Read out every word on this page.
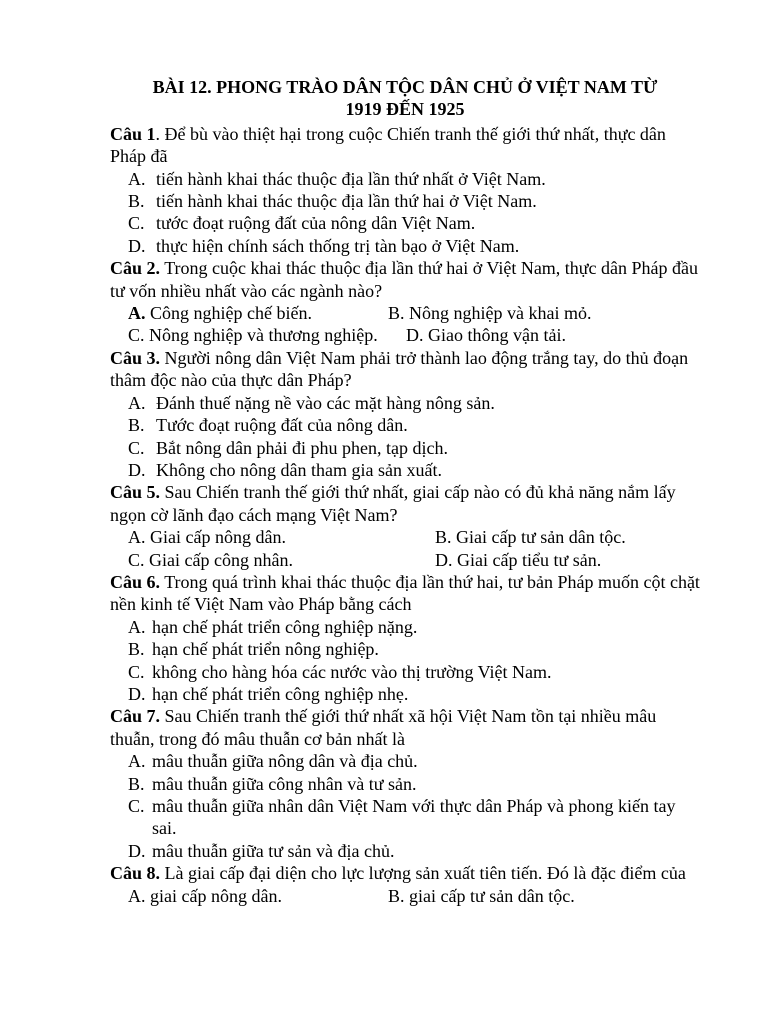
BÀI 12. PHONG TRÀO DÂN TỘC DÂN CHỦ Ở VIỆT NAM TỪ
1919 ĐẾN 1925
Câu 1. Để bù vào thiệt hại trong cuộc Chiến tranh thế giới thứ nhất, thực dân Pháp đã
A. tiến hành khai thác thuộc địa lần thứ nhất ở Việt Nam.
B. tiến hành khai thác thuộc địa lần thứ hai ở Việt Nam.
C. tước đoạt ruộng đất của nông dân Việt Nam.
D. thực hiện chính sách thống trị tàn bạo ở Việt Nam.
Câu 2. Trong cuộc khai thác thuộc địa lần thứ hai ở Việt Nam, thực dân Pháp đầu tư vốn nhiều nhất vào các ngành nào?
A. Công nghiệp chế biến.	B. Nông nghiệp và khai mỏ.
C. Nông nghiệp và thương nghiệp.	D. Giao thông vận tải.
Câu 3. Người nông dân Việt Nam phải trở thành lao động trắng tay, do thủ đoạn thâm độc nào của thực dân Pháp?
A. Đánh thuế nặng nề vào các mặt hàng nông sản.
B. Tước đoạt ruộng đất của nông dân.
C. Bắt nông dân phải đi phu phen, tạp dịch.
D. Không cho nông dân tham gia sản xuất.
Câu 5. Sau Chiến tranh thế giới thứ nhất, giai cấp nào có đủ khả năng nắm lấy ngọn cờ lãnh đạo cách mạng Việt Nam?
A. Giai cấp nông dân.	B. Giai cấp tư sản dân tộc.
C. Giai cấp công nhân.	D. Giai cấp tiểu tư sản.
Câu 6. Trong quá trình khai thác thuộc địa lần thứ hai, tư bản Pháp muốn cột chặt nền kinh tế Việt Nam vào Pháp bằng cách
A. hạn chế phát triển công nghiệp nặng.
B. hạn chế phát triển nông nghiệp.
C. không cho hàng hóa các nước vào thị trường Việt Nam.
D. hạn chế phát triển công nghiệp nhẹ.
Câu 7. Sau Chiến tranh thế giới thứ nhất xã hội Việt Nam tồn tại nhiều mâu thuẫn, trong đó mâu thuẫn cơ bản nhất là
A. mâu thuẫn giữa nông dân và địa chủ.
B. mâu thuẫn giữa công nhân và tư sản.
C. mâu thuẫn giữa nhân dân Việt Nam với thực dân Pháp và phong kiến tay sai.
D. mâu thuẫn giữa tư sản và địa chủ.
Câu 8. Là giai cấp đại diện cho lực lượng sản xuất tiên tiến. Đó là đặc điểm của
A. giai cấp nông dân.	B. giai cấp tư sản dân tộc.
